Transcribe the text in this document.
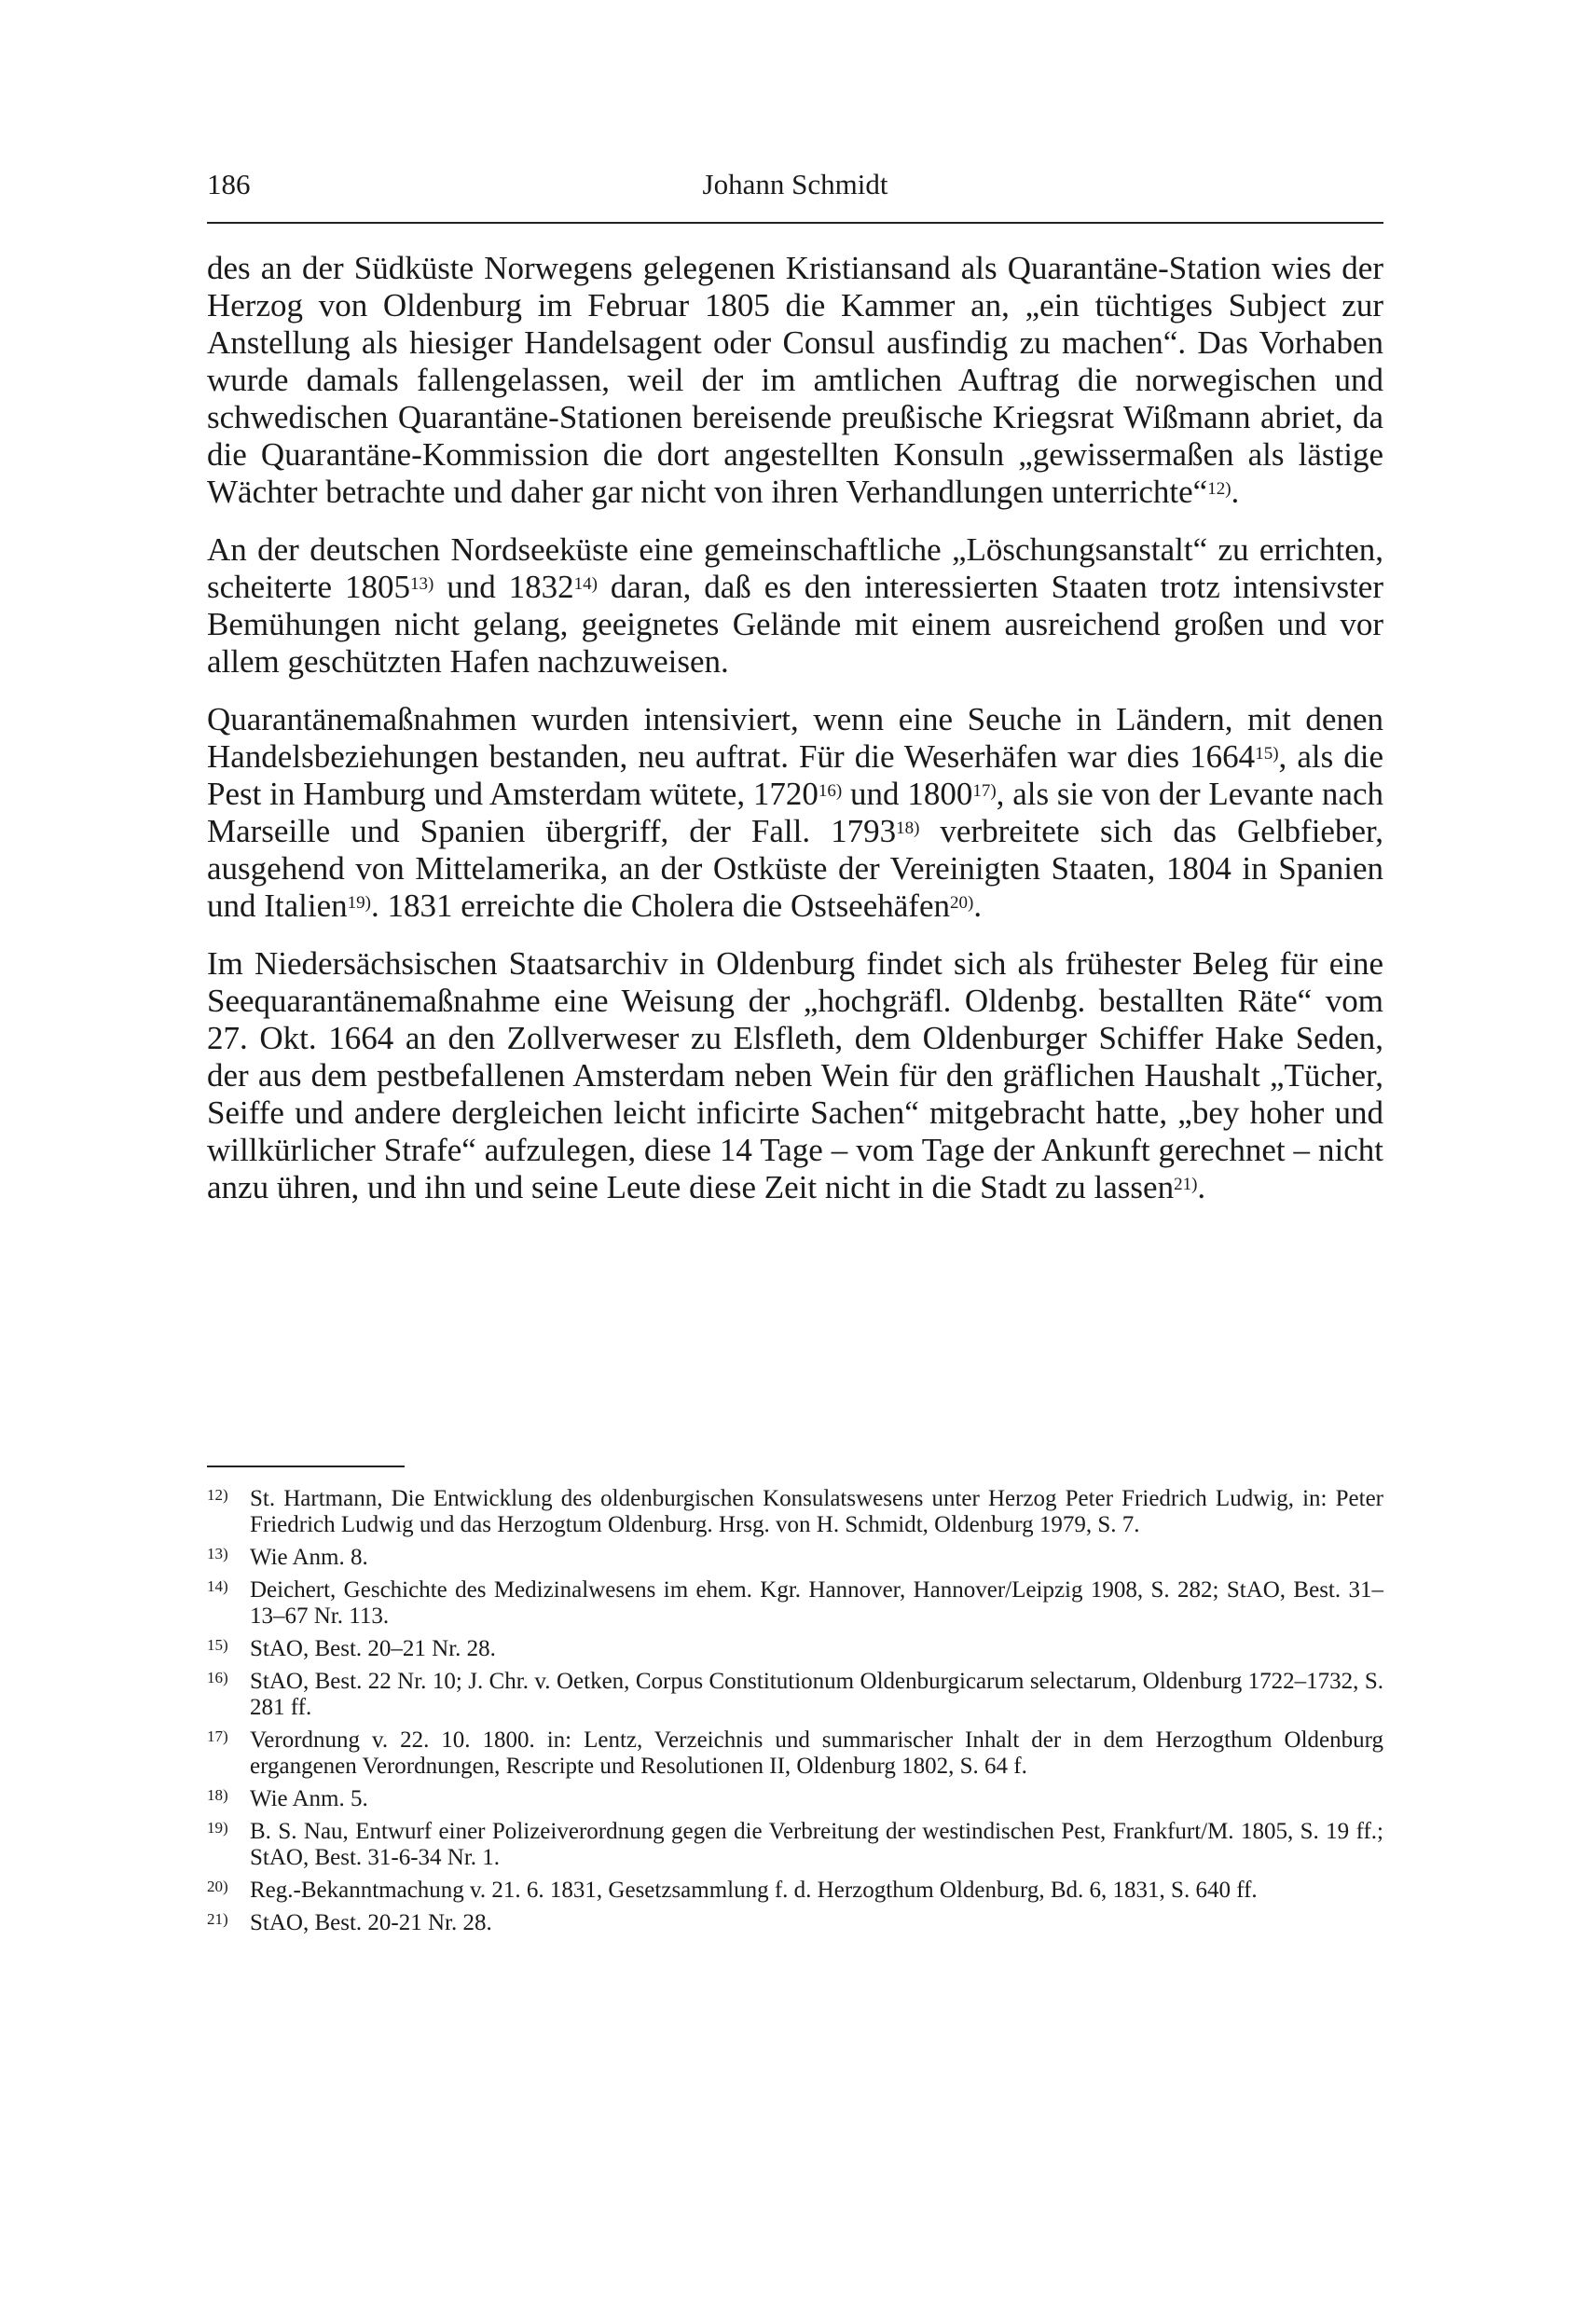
186	Johann Schmidt

des an der Südküste Norwegens gelegenen Kristiansand als Quarantäne-Station wies der Herzog von Oldenburg im Februar 1805 die Kammer an, „ein tüchtiges Subject zur Anstellung als hiesiger Handelsagent oder Consul ausfindig zu machen“. Das Vorhaben wurde damals fallengelassen, weil der im amtlichen Auftrag die norwegischen und schwedischen Quarantäne-Stationen bereisende preußische Kriegsrat Wißmann abriet, da die Quarantäne-Kommission die dort angestellten Konsuln „gewissermaßen als lästige Wächter betrachte und daher gar nicht von ihren Verhandlungen unterrichte“$^{12)}$.

An der deutschen Nordseeküste eine gemeinschaftliche „Löschungsanstalt“ zu errichten, scheiterte 1805$^{13)}$ und 1832$^{14)}$ daran, daß es den interessierten Staaten trotz intensivster Bemühungen nicht gelang, geeignetes Gelände mit einem ausreichend großen und vor allem geschützten Hafen nachzuweisen.

Quarantänemaßnahmen wurden intensiviert, wenn eine Seuche in Ländern, mit denen Handelsbeziehungen bestanden, neu auftrat. Für die Weserhäfen war dies 1664$^{15)}$, als die Pest in Hamburg und Amsterdam wütete, 1720$^{16)}$ und 1800$^{17)}$, als sie von der Levante nach Marseille und Spanien übergriff, der Fall. 1793$^{18)}$ verbreitete sich das Gelbfieber, ausgehend von Mittelamerika, an der Ostküste der Vereinigten Staaten, 1804 in Spanien und Italien$^{19)}$. 1831 erreichte die Cholera die Ostseehäfen$^{20)}$.

Im Niedersächsischen Staatsarchiv in Oldenburg findet sich als frühester Beleg für eine Seequarantänemaßnahme eine Weisung der „hochgräfl. Oldenbg. bestallten Räte“ vom 27. Okt. 1664 an den Zollverweser zu Elsfleth, dem Oldenburger Schiffer Hake Seden, der aus dem pestbefallenen Amsterdam neben Wein für den gräflichen Haushalt „Tücher, Seiffe und andere dergleichen leicht inficirte Sachen“ mitgebracht hatte, „bey hoher und willkürlicher Strafe“ aufzulegen, diese 14 Tage – vom Tage der Ankunft gerechnet – nicht anzu ühren, und ihn und seine Leute diese Zeit nicht in die Stadt zu lassen$^{21)}$.

12) St. Hartmann, Die Entwicklung des oldenburgischen Konsulatswesens unter Herzog Peter Friedrich Ludwig, in: Peter Friedrich Ludwig und das Herzogtum Oldenburg. Hrsg. von H. Schmidt, Oldenburg 1979, S. 7.
13) Wie Anm. 8.
14) Deichert, Geschichte des Medizinalwesens im ehem. Kgr. Hannover, Hannover/Leipzig 1908, S. 282; StAO, Best. 31–13–67 Nr. 113.
15) StAO, Best. 20–21 Nr. 28.
16) StAO, Best. 22 Nr. 10; J. Chr. v. Oetken, Corpus Constitutionum Oldenburgicarum selectarum, Oldenburg 1722–1732, S. 281 ff.
17) Verordnung v. 22. 10. 1800. in: Lentz, Verzeichnis und summarischer Inhalt der in dem Herzogthum Oldenburg ergangenen Verordnungen, Rescripte und Resolutionen II, Oldenburg 1802, S. 64 f.
18) Wie Anm. 5.
19) B. S. Nau, Entwurf einer Polizeiverordnung gegen die Verbreitung der westindischen Pest, Frankfurt/M. 1805, S. 19 ff.; StAO, Best. 31-6-34 Nr. 1.
20) Reg.-Bekanntmachung v. 21. 6. 1831, Gesetzsammlung f. d. Herzogthum Oldenburg, Bd. 6, 1831, S. 640 ff.
21) StAO, Best. 20-21 Nr. 28.
